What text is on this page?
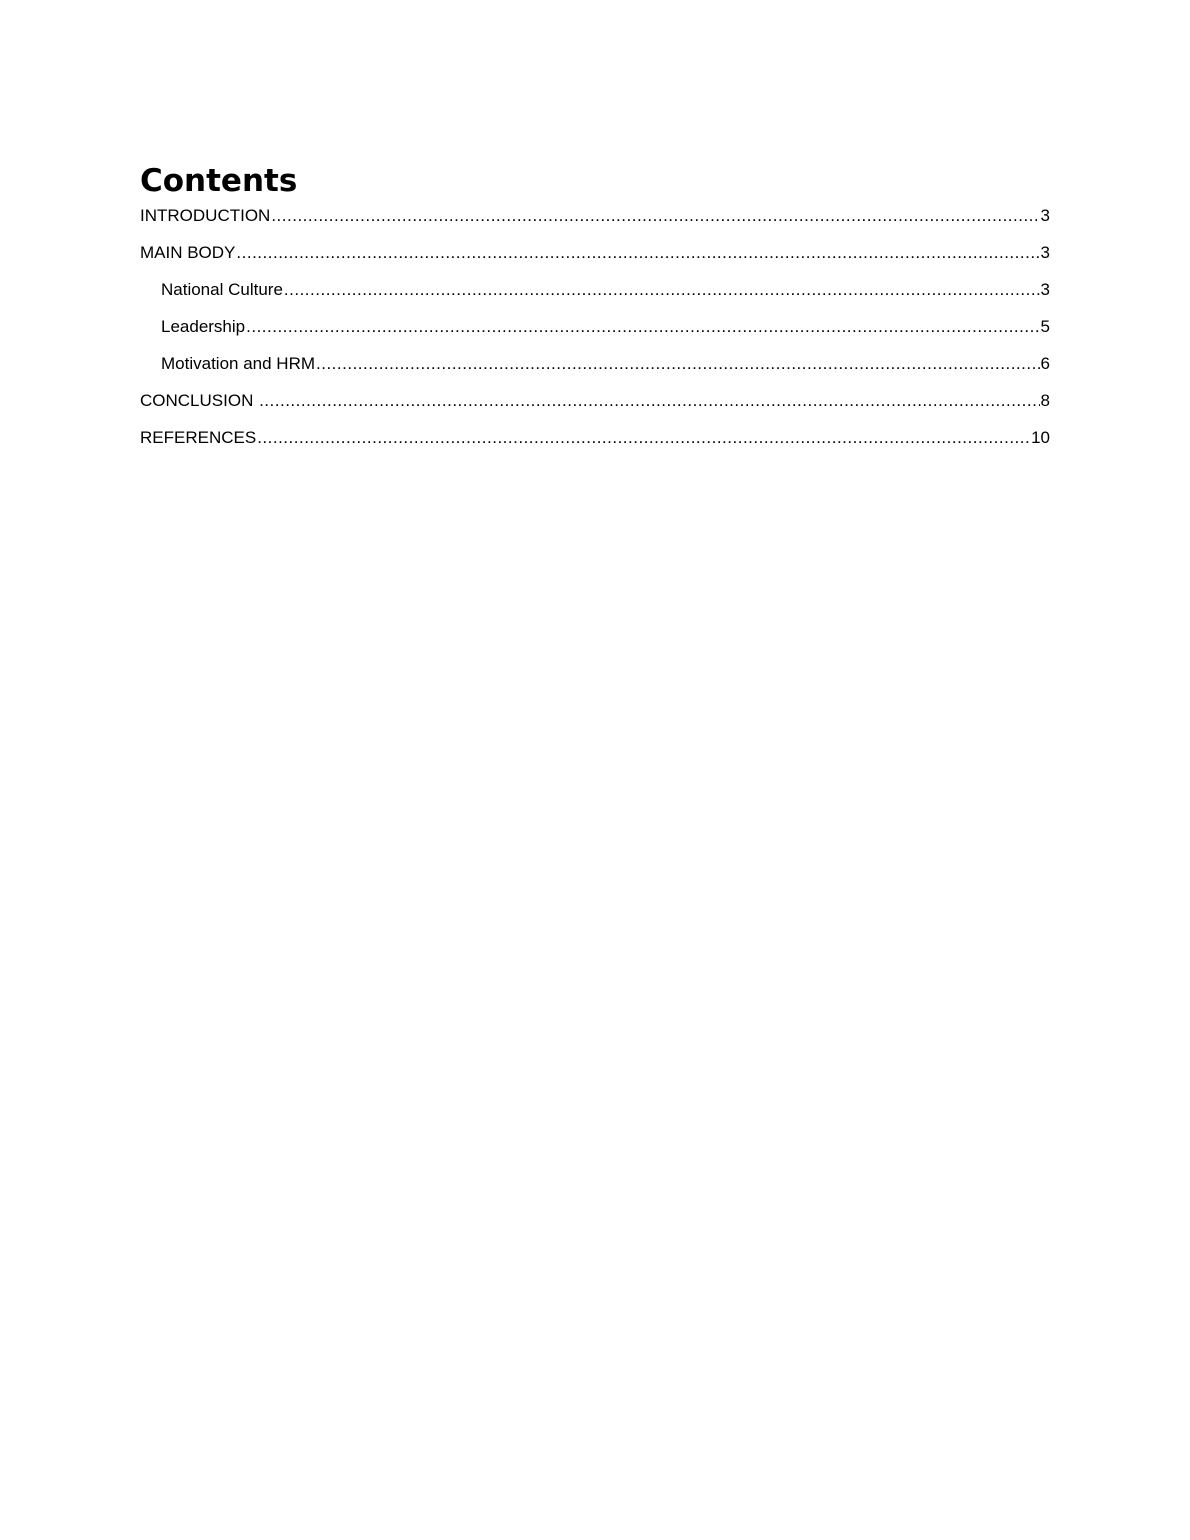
Contents
INTRODUCTION .....	3
MAIN BODY .....	3
National Culture .....	3
Leadership .....	5
Motivation and HRM .....	6
CONCLUSION .....	8
REFERENCES .....	10
